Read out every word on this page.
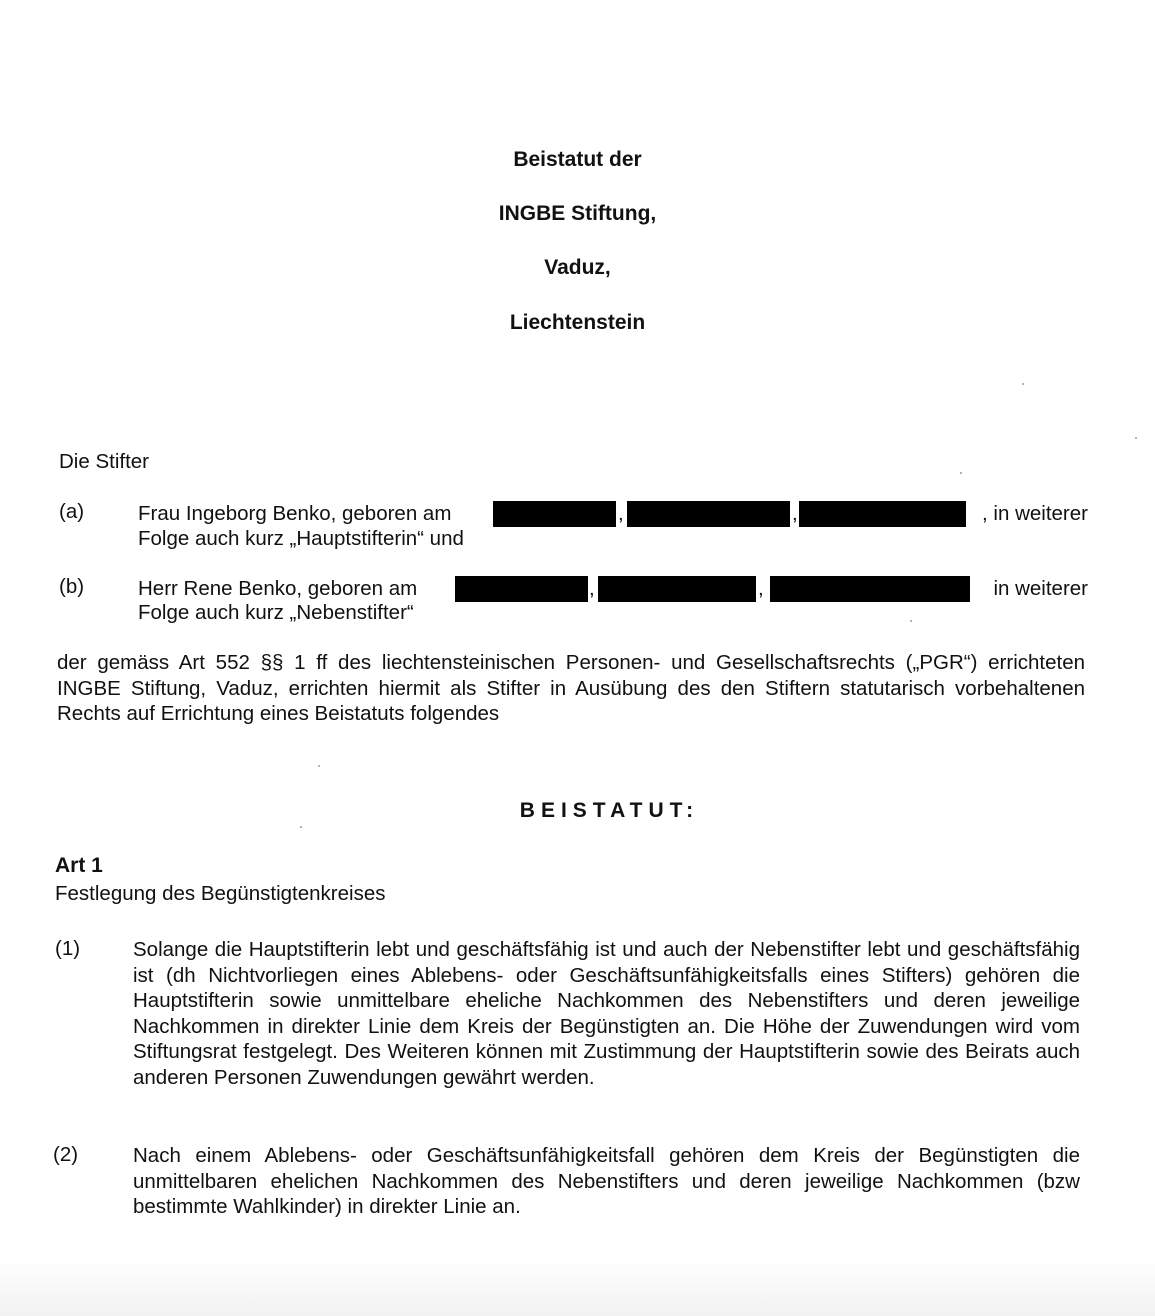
Beistatut der
INGBE Stiftung,
Vaduz,
Liechtenstein
Die Stifter
(a)	Frau Ingeborg Benko, geboren am	,	,	, in weiterer
Folge auch kurz „Hauptstifterin“ und
(b)	Herr Rene Benko, geboren am	,	,	in weiterer
Folge auch kurz „Nebenstifter“
der gemäss Art 552 §§ 1 ff des liechtensteinischen Personen- und Gesellschaftsrechts („PGR“) errichteten INGBE Stiftung, Vaduz, errichten hiermit als Stifter in Ausübung des den Stiftern statutarisch vorbehaltenen Rechts auf Errichtung eines Beistatuts folgendes
BEISTATUT:
Art 1
Festlegung des Begünstigtenkreises
(1)	Solange die Hauptstifterin lebt und geschäftsfähig ist und auch der Nebenstifter lebt und geschäftsfähig ist (dh Nichtvorliegen eines Ablebens- oder Geschäftsunfähigkeitsfalls eines Stifters) gehören die Hauptstifterin sowie unmittelbare eheliche Nachkommen des Nebenstifters und deren jeweilige Nachkommen in direkter Linie dem Kreis der Begünstigten an. Die Höhe der Zuwendungen wird vom Stiftungsrat festgelegt. Des Weiteren können mit Zustimmung der Hauptstifterin sowie des Beirats auch anderen Personen Zuwendungen gewährt werden.
(2)	Nach einem Ablebens- oder Geschäftsunfähigkeitsfall gehören dem Kreis der Begünstigten die unmittelbaren ehelichen Nachkommen des Nebenstifters und deren jeweilige Nachkommen (bzw bestimmte Wahlkinder) in direkter Linie an.
